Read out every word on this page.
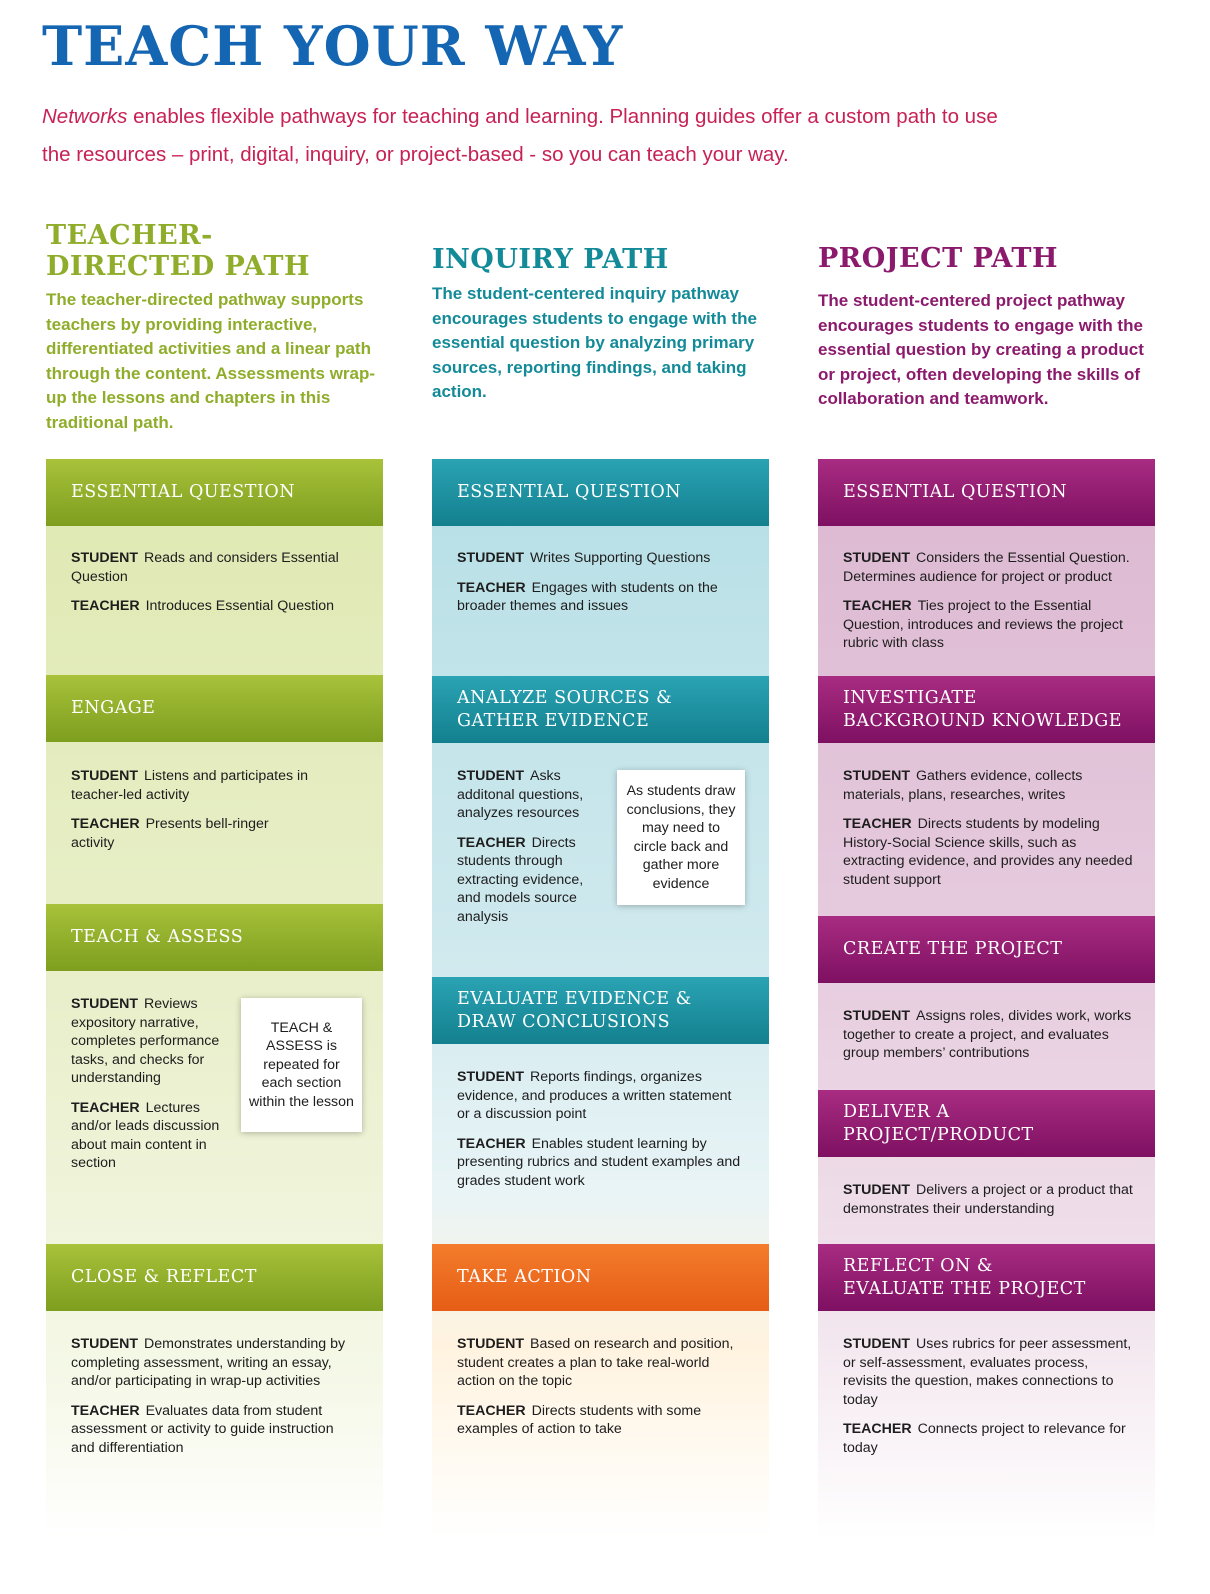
TEACH YOUR WAY

Networks enables flexible pathways for teaching and learning. Planning guides offer a custom path to use the resources – print, digital, inquiry, or project-based - so you can teach your way.

TEACHER-
DIRECTED PATH

The teacher-directed pathway supports teachers by providing interactive, differentiated activities and a linear path through the content. Assessments wrap-up the lessons and chapters in this traditional path.

INQUIRY PATH

The student-centered inquiry pathway encourages students to engage with the essential question by analyzing primary sources, reporting findings, and taking action.

PROJECT PATH

The student-centered project pathway encourages students to engage with the essential question by creating a product or project, often developing the skills of collaboration and teamwork.

ESSENTIAL QUESTION

STUDENT Reads and considers Essential Question

TEACHER Introduces Essential Question

ENGAGE

STUDENT Listens and participates in teacher-led activity

TEACHER Presents bell-ringer activity

TEACH & ASSESS

STUDENT Reviews expository narrative, completes performance tasks, and checks for understanding

TEACHER Lectures and/or leads discussion about main content in section

TEACH & ASSESS is repeated for each section within the lesson
CLOSE & REFLECT

STUDENT Demonstrates understanding by completing assessment, writing an essay, and/or participating in wrap-up activities

TEACHER Evaluates data from student assessment or activity to guide instruction and differentiation

ESSENTIAL QUESTION

STUDENT Writes Supporting Questions

TEACHER Engages with students on the broader themes and issues

ANALYZE SOURCES &
GATHER EVIDENCE

STUDENT Asks additonal questions, analyzes resources

TEACHER Directs students through extracting evidence, and models source analysis

As students draw conclusions, they may need to circle back and gather more evidence
EVALUATE EVIDENCE &
DRAW CONCLUSIONS

STUDENT Reports findings, organizes evidence, and produces a written statement or a discussion point

TEACHER Enables student learning by presenting rubrics and student examples and grades student work

TAKE ACTION

STUDENT Based on research and position, student creates a plan to take real-world action on the topic

TEACHER Directs students with some examples of action to take

ESSENTIAL QUESTION

STUDENT Considers the Essential Question. Determines audience for project or product

TEACHER Ties project to the Essential Question, introduces and reviews the project rubric with class

INVESTIGATE
BACKGROUND KNOWLEDGE

STUDENT Gathers evidence, collects materials, plans, researches, writes

TEACHER Directs students by modeling History-Social Science skills, such as extracting evidence, and provides any needed student support

CREATE THE PROJECT

STUDENT Assigns roles, divides work, works together to create a project, and evaluates group members’ contributions

DELIVER A
PROJECT/PRODUCT

STUDENT Delivers a project or a product that demonstrates their understanding

REFLECT ON &
EVALUATE THE PROJECT

STUDENT Uses rubrics for peer assessment, or self-assessment, evaluates process, revisits the question, makes connections to today

TEACHER Connects project to relevance for today
